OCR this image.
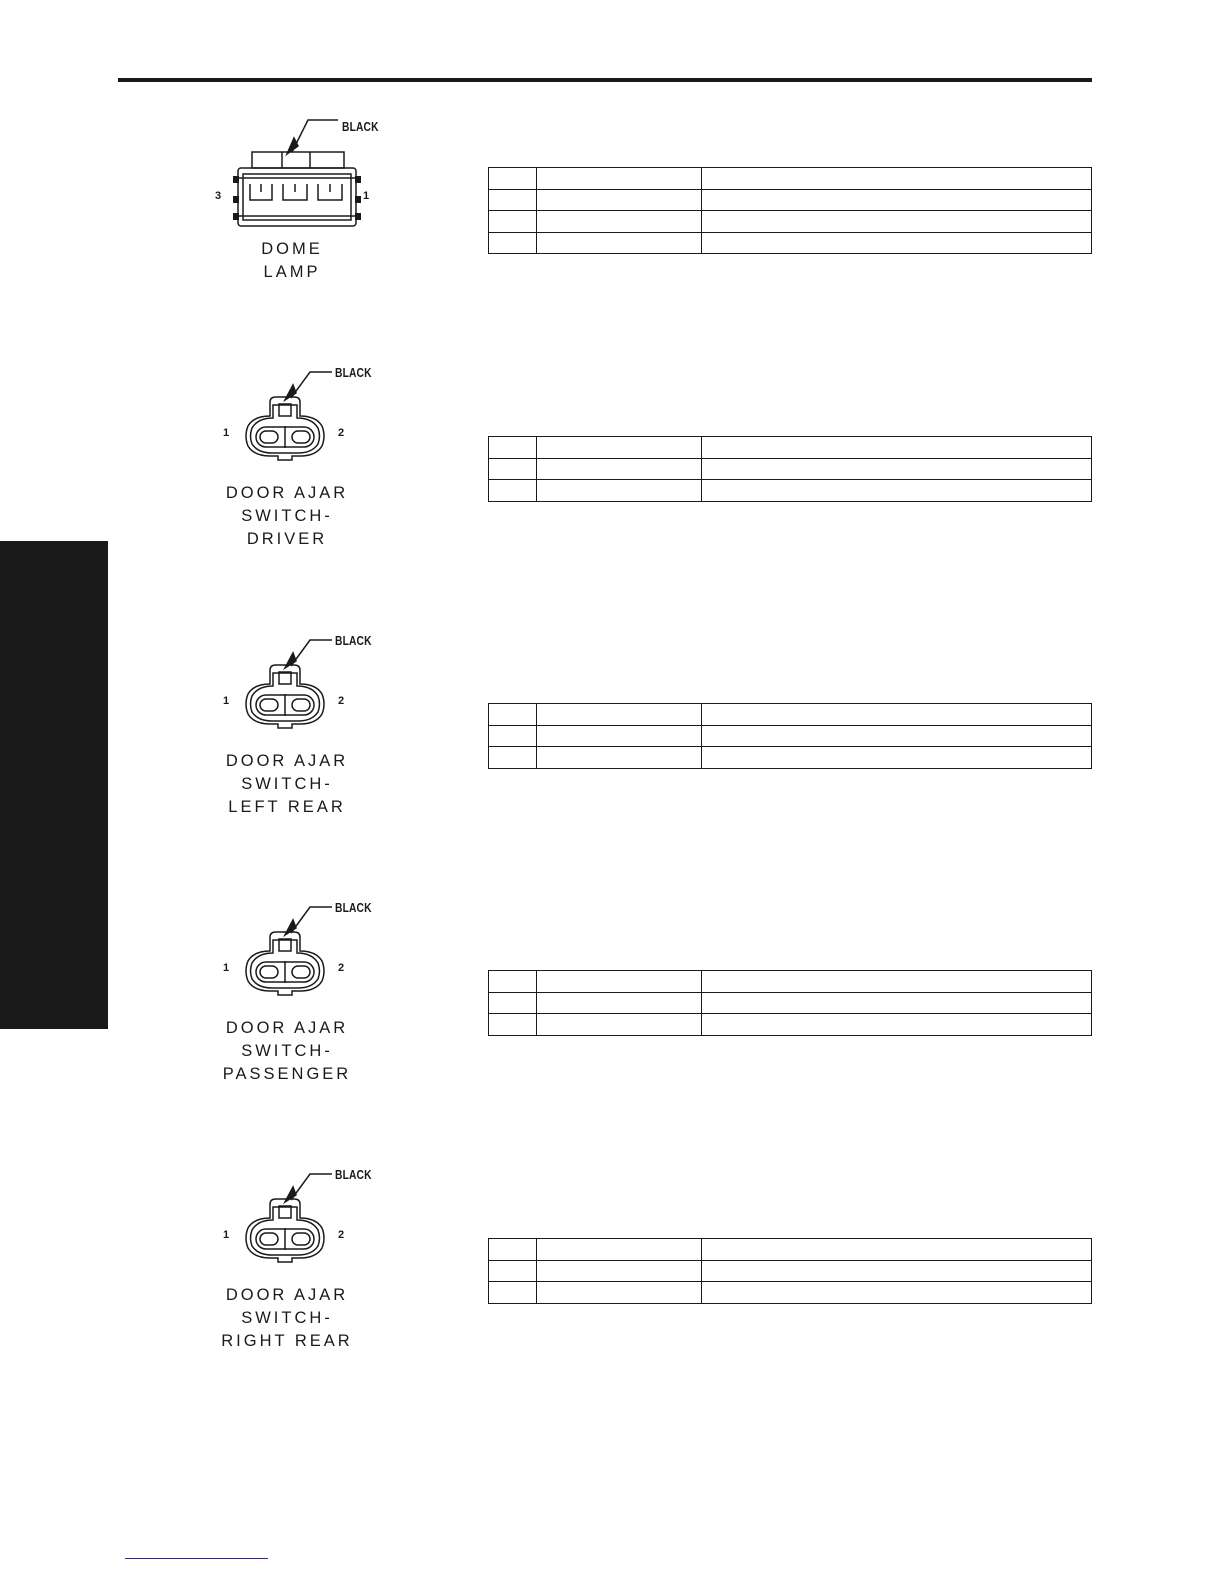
BLACK
3	1
DOME
LAMP

BLACK
1	2
DOOR AJAR
SWITCH-
DRIVER

BLACK
1	2
DOOR AJAR
SWITCH-
LEFT REAR

BLACK
1	2
DOOR AJAR
SWITCH-
PASSENGER

BLACK
1	2
DOOR AJAR
SWITCH-
RIGHT REAR
